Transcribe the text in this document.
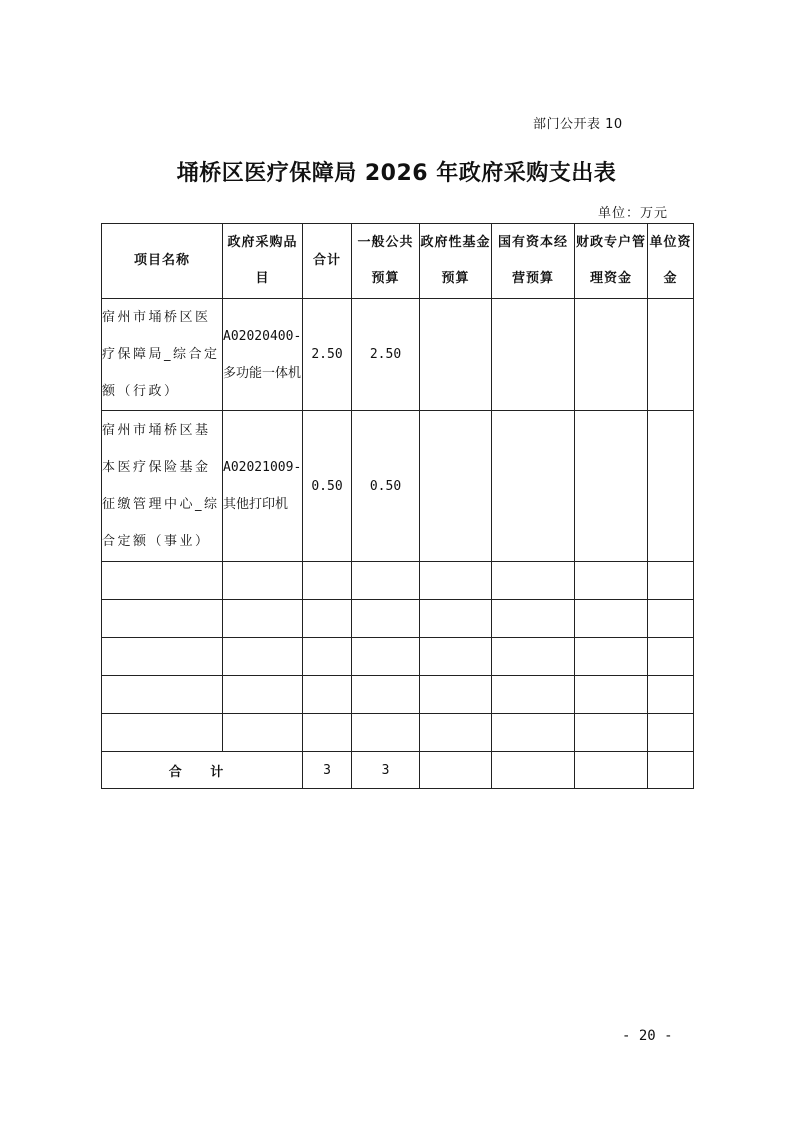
部门公开表 10
埇桥区医疗保障局 2026 年政府采购支出表
单位：万元
项目名称	政府采购品目	合计	一般公共预算	政府性基金预算	国有资本经营预算	财政专户管理资金	单位资金
宿州市埇桥区医疗保障局_综合定额（行政）	A02020400-多功能一体机	2.50	2.50				
宿州市埇桥区基本医疗保险基金征缴管理中心_综合定额（事业）	A02021009-其他打印机	0.50	0.50				

合 计		3	3				
- 20 -
